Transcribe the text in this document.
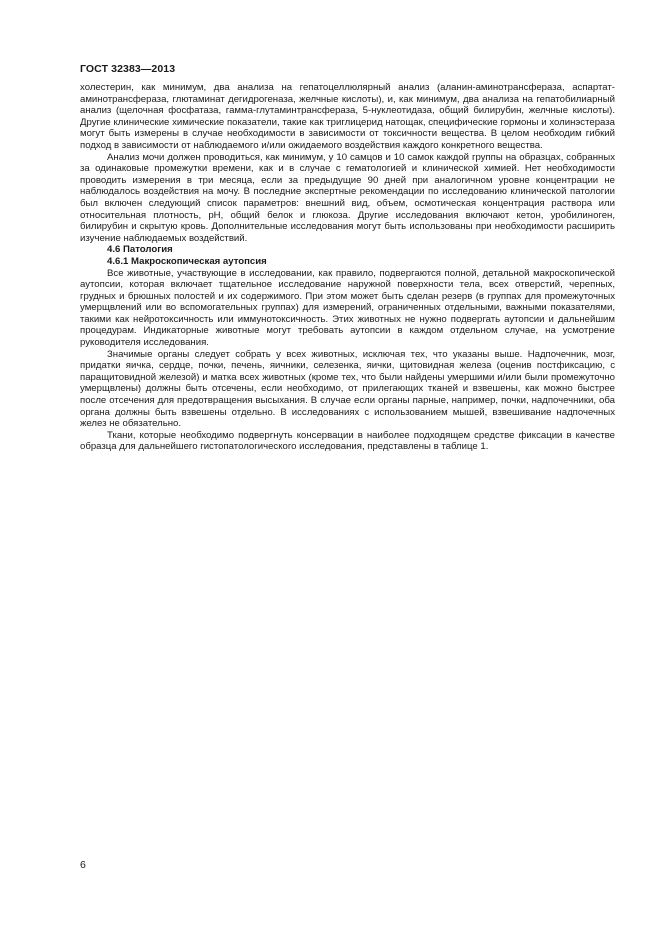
ГОСТ 32383—2013

холестерин, как минимум, два анализа на гепатоцеллюлярный анализ (аланин-аминотрансфераза, аспартат-аминотрансфераза, глютаминат дегидрогеназа, желчные кислоты), и, как минимум, два анализа на гепатобилиарный анализ (щелочная фосфатаза, гамма-глутаминтрансфераза, 5-нуклеотидаза, общий билирубин, желчные кислоты). Другие клинические химические показатели, такие как триглицерид натощак, специфические гормоны и холинэстераза могут быть измерены в случае необходимости в зависимости от токсичности вещества. В целом необходим гибкий подход в зависимости от наблюдаемого и/или ожидаемого воздействия каждого конкретного вещества.

Анализ мочи должен проводиться, как минимум, у 10 самцов и 10 самок каждой группы на образцах, собранных за одинаковые промежутки времени, как и в случае с гематологией и клинической химией. Нет необходимости проводить измерения в три месяца, если за предыдущие 90 дней при аналогичном уровне концентрации не наблюдалось воздействия на мочу. В последние экспертные рекомендации по исследованию клинической патологии был включен следующий список параметров: внешний вид, объем, осмотическая концентрация раствора или относительная плотность, pH, общий белок и глюкоза. Другие исследования включают кетон, уробилиноген, билирубин и скрытую кровь. Дополнительные исследования могут быть использованы при необходимости расширить изучение наблюдаемых воздействий.

4.6 Патология
4.6.1 Макроскопическая аутопсия

Все животные, участвующие в исследовании, как правило, подвергаются полной, детальной макроскопической аутопсии, которая включает тщательное исследование наружной поверхности тела, всех отверстий, черепных, грудных и брюшных полостей и их содержимого. При этом может быть сделан резерв (в группах для промежуточных умерщвлений или во вспомогательных группах) для измерений, ограниченных отдельными, важными показателями, такими как нейротоксичность или иммунотоксичность. Этих животных не нужно подвергать аутопсии и дальнейшим процедурам. Индикаторные животные могут требовать аутопсии в каждом отдельном случае, на усмотрение руководителя исследования.

Значимые органы следует собрать у всех животных, исключая тех, что указаны выше. Надпочечник, мозг, придатки яичка, сердце, почки, печень, яичники, селезенка, яички, щитовидная железа (оценив постфиксацию, с паращитовидной железой) и матка всех животных (кроме тех, что были найдены умершими и/или были промежуточно умерщвлены) должны быть отсечены, если необходимо, от прилегающих тканей и взвешены, как можно быстрее после отсечения для предотвращения высыхания. В случае если органы парные, например, почки, надпочечники, оба органа должны быть взвешены отдельно. В исследованиях с использованием мышей, взвешивание надпочечных желез не обязательно.

Ткани, которые необходимо подвергнуть консервации в наиболее подходящем средстве фиксации в качестве образца для дальнейшего гистопатологического исследования, представлены в таблице 1.

6
